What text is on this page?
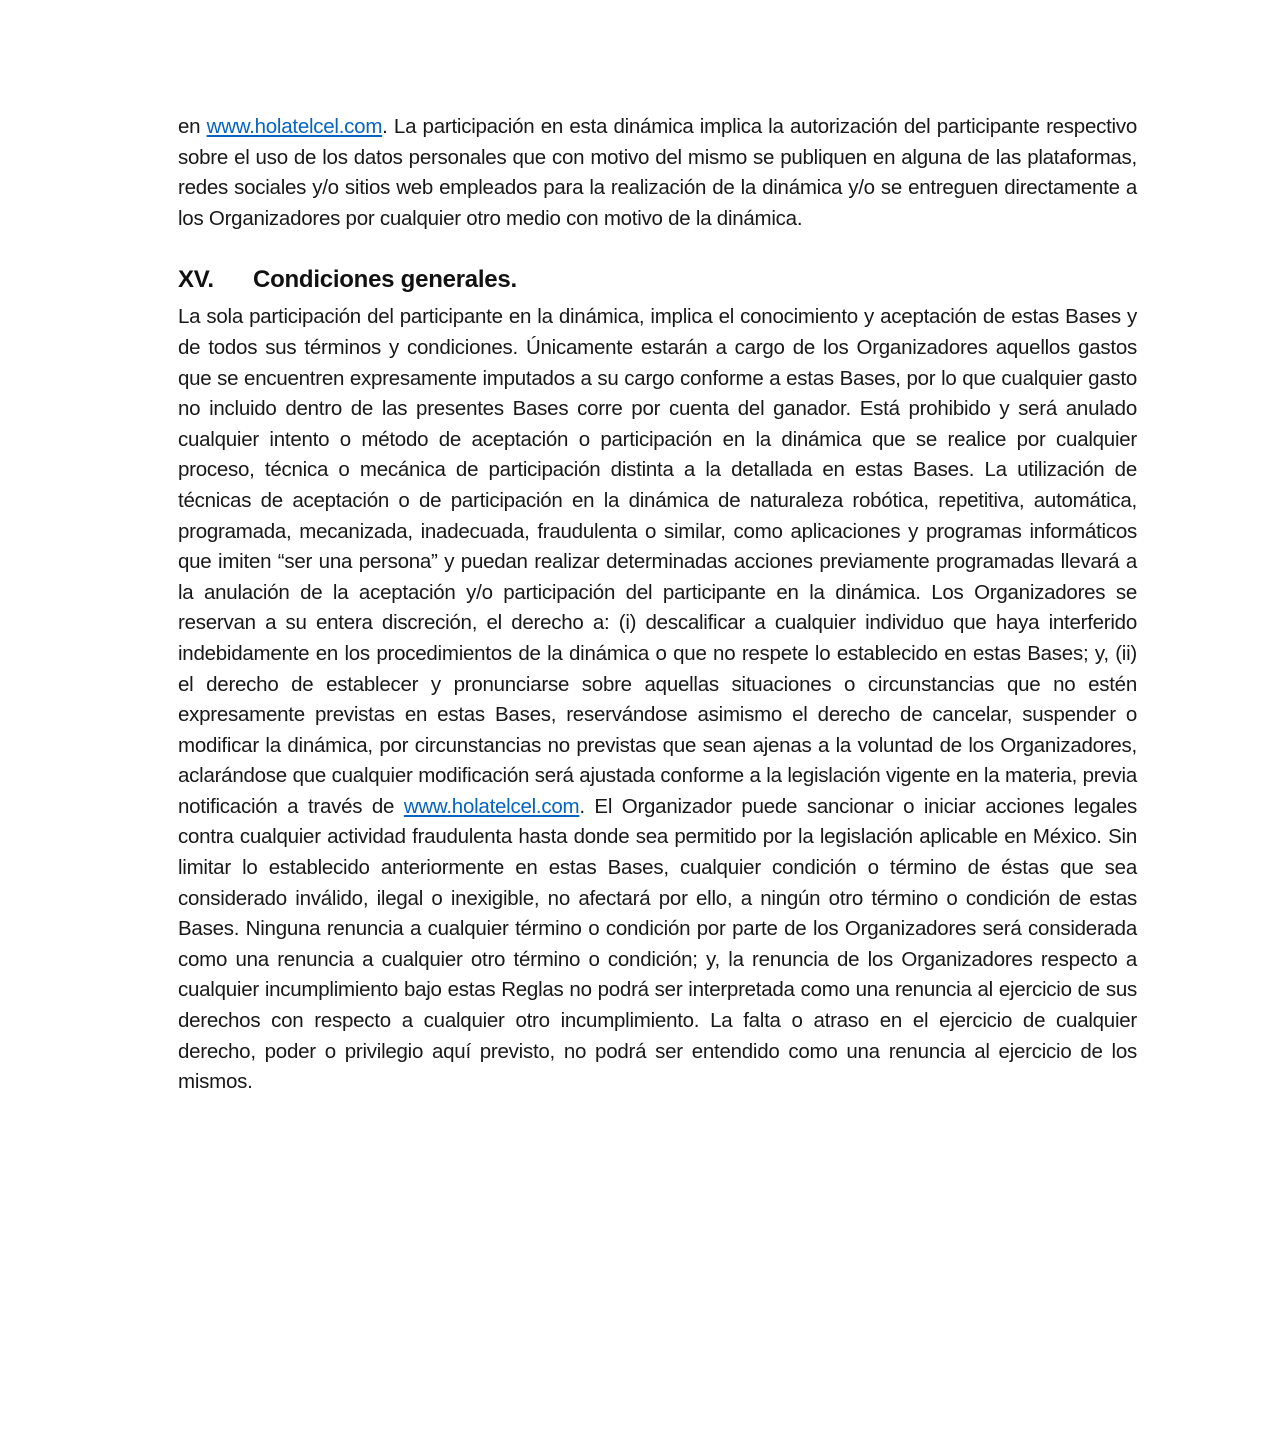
en www.holatelcel.com. La participación en esta dinámica implica la autorización del participante respectivo sobre el uso de los datos personales que con motivo del mismo se publiquen en alguna de las plataformas, redes sociales y/o sitios web empleados para la realización de la dinámica y/o se entreguen directamente a los Organizadores por cualquier otro medio con motivo de la dinámica.

XV. Condiciones generales.

La sola participación del participante en la dinámica, implica el conocimiento y aceptación de estas Bases y de todos sus términos y condiciones. Únicamente estarán a cargo de los Organizadores aquellos gastos que se encuentren expresamente imputados a su cargo conforme a estas Bases, por lo que cualquier gasto no incluido dentro de las presentes Bases corre por cuenta del ganador. Está prohibido y será anulado cualquier intento o método de aceptación o participación en la dinámica que se realice por cualquier proceso, técnica o mecánica de participación distinta a la detallada en estas Bases. La utilización de técnicas de aceptación o de participación en la dinámica de naturaleza robótica, repetitiva, automática, programada, mecanizada, inadecuada, fraudulenta o similar, como aplicaciones y programas informáticos que imiten “ser una persona” y puedan realizar determinadas acciones previamente programadas llevará a la anulación de la aceptación y/o participación del participante en la dinámica. Los Organizadores se reservan a su entera discreción, el derecho a: (i) descalificar a cualquier individuo que haya interferido indebidamente en los procedimientos de la dinámica o que no respete lo establecido en estas Bases; y, (ii) el derecho de establecer y pronunciarse sobre aquellas situaciones o circunstancias que no estén expresamente previstas en estas Bases, reservándose asimismo el derecho de cancelar, suspender o modificar la dinámica, por circunstancias no previstas que sean ajenas a la voluntad de los Organizadores, aclarándose que cualquier modificación será ajustada conforme a la legislación vigente en la materia, previa notificación a través de www.holatelcel.com. El Organizador puede sancionar o iniciar acciones legales contra cualquier actividad fraudulenta hasta donde sea permitido por la legislación aplicable en México. Sin limitar lo establecido anteriormente en estas Bases, cualquier condición o término de éstas que sea considerado inválido, ilegal o inexigible, no afectará por ello, a ningún otro término o condición de estas Bases. Ninguna renuncia a cualquier término o condición por parte de los Organizadores será considerada como una renuncia a cualquier otro término o condición; y, la renuncia de los Organizadores respecto a cualquier incumplimiento bajo estas Reglas no podrá ser interpretada como una renuncia al ejercicio de sus derechos con respecto a cualquier otro incumplimiento. La falta o atraso en el ejercicio de cualquier derecho, poder o privilegio aquí previsto, no podrá ser entendido como una renuncia al ejercicio de los mismos.
